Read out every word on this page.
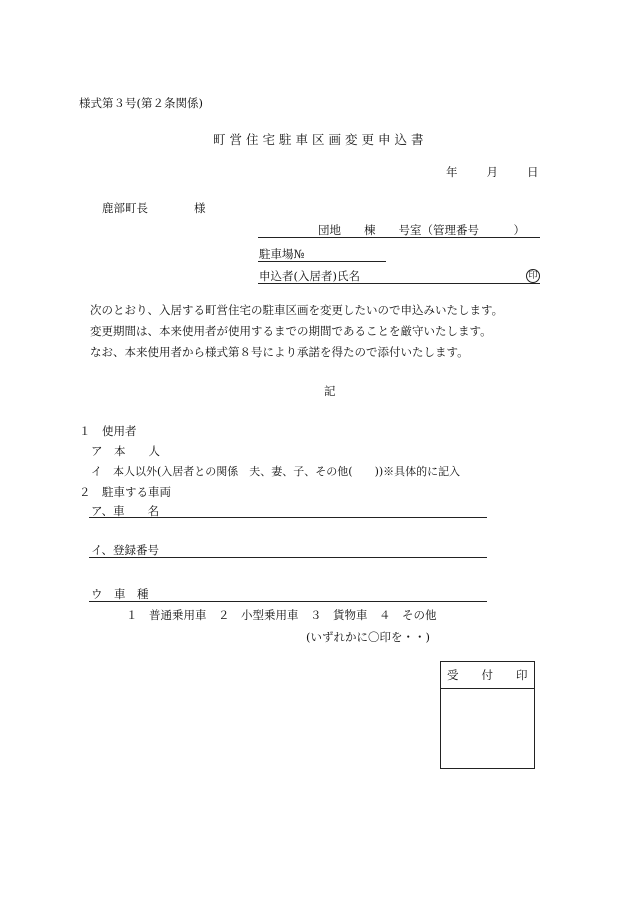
様式第３号(第２条関係)
町営住宅駐車区画変更申込書
年　　月　　日
鹿部町長　　　　様
団地　　棟　　号室（管理番号　　　）
駐車場№
申込者(入居者)氏名	印
次のとおり、入居する町営住宅の駐車区画を変更したいので申込みいたします。
変更期間は、本来使用者が使用するまでの期間であることを厳守いたします。
なお、本来使用者から様式第８号により承諾を得たので添付いたします。
記
１　使用者
ア　本　　人
イ　本人以外(入居者との関係　夫、妻、子、その他(　　))※具体的に記入
２　駐車する車両
ア、車　　名
イ、登録番号
ウ　車　種
１　普通乗用車　２　小型乗用車　３　貨物車　４　その他
(いずれかに〇印を・・)
受　　付　　印
